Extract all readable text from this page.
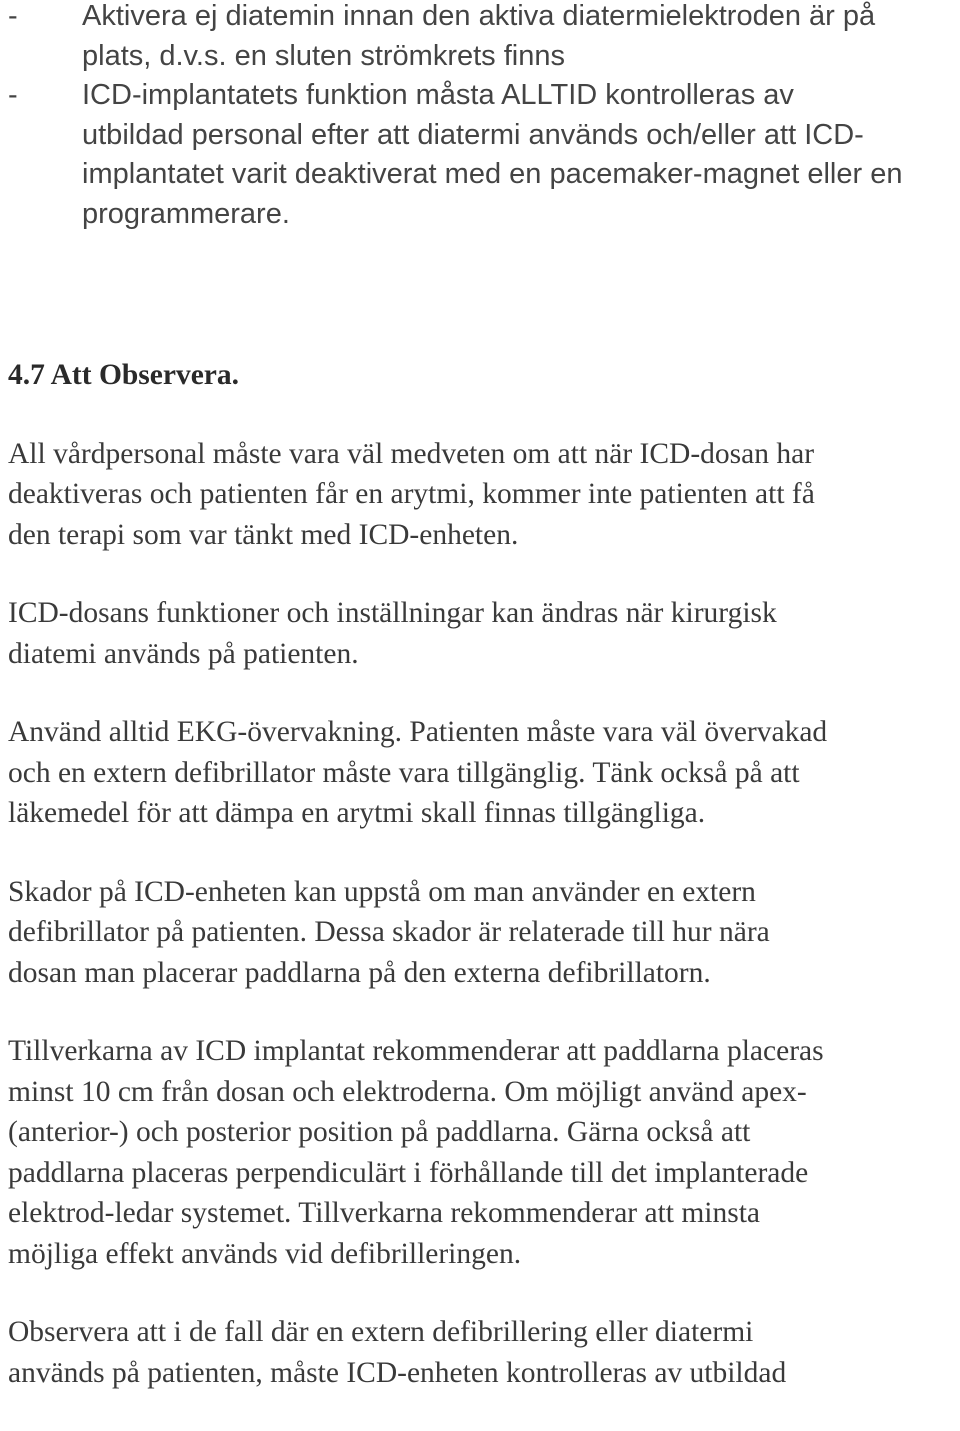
-	Aktivera ej diatemin innan den aktiva diatermielektroden är på
plats, d.v.s. en sluten strömkrets finns
-	ICD-implantatets funktion måsta ALLTID kontrolleras av
utbildad personal efter att diatermi används och/eller att ICD-
implantatet varit deaktiverat med en pacemaker-magnet eller en
programmerare.
4.7 Att Observera.
All vårdpersonal måste vara väl medveten om att när ICD-dosan har
deaktiveras och patienten får en arytmi, kommer inte patienten att få
den terapi som var tänkt med ICD-enheten.
ICD-dosans funktioner och inställningar kan ändras när kirurgisk
diatemi används på patienten.
Använd alltid EKG-övervakning. Patienten måste vara väl övervakad
och en extern defibrillator måste vara tillgänglig. Tänk också på att
läkemedel för att dämpa en arytmi skall finnas tillgängliga.
Skador på ICD-enheten kan uppstå om man använder en extern
defibrillator på patienten. Dessa skador är relaterade till hur nära
dosan man placerar paddlarna på den externa defibrillatorn.
Tillverkarna av ICD implantat rekommenderar att paddlarna placeras
minst 10 cm från dosan och elektroderna. Om möjligt använd apex-
(anterior-) och posterior position på paddlarna. Gärna också att
paddlarna placeras perpendiculärt i förhållande till det implanterade
elektrod-ledar systemet. Tillverkarna rekommenderar att minsta
möjliga effekt används vid defibrilleringen.
Observera att i de fall där en extern defibrillering eller diatermi
används på patienten, måste ICD-enheten kontrolleras av utbildad
